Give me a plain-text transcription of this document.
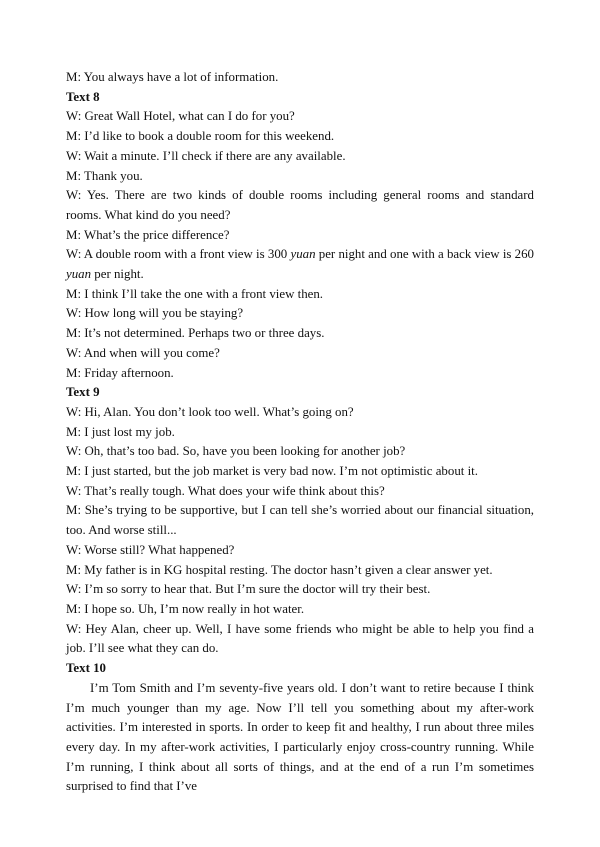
M: You always have a lot of information.

Text 8

W: Great Wall Hotel, what can I do for you?

M: I’d like to book a double room for this weekend.

W: Wait a minute. I’ll check if there are any available.

M: Thank you.

W: Yes. There are two kinds of double rooms including general rooms and standard rooms. What kind do you need?

M: What’s the price difference?

W: A double room with a front view is 300 yuan per night and one with a back view is 260 yuan per night.

M: I think I’ll take the one with a front view then.

W: How long will you be staying?

M: It’s not determined. Perhaps two or three days.

W: And when will you come?

M: Friday afternoon.

Text 9

W: Hi, Alan. You don’t look too well. What’s going on?

M: I just lost my job.

W: Oh, that’s too bad. So, have you been looking for another job?

M: I just started, but the job market is very bad now. I’m not optimistic about it.

W: That’s really tough. What does your wife think about this?

M: She’s trying to be supportive, but I can tell she’s worried about our financial situation, too. And worse still...

W: Worse still? What happened?

M: My father is in KG hospital resting. The doctor hasn’t given a clear answer yet.

W: I’m so sorry to hear that. But I’m sure the doctor will try their best.

M: I hope so. Uh, I’m now really in hot water.

W: Hey Alan, cheer up. Well, I have some friends who might be able to help you find a job. I’ll see what they can do.

Text 10

I’m Tom Smith and I’m seventy-five years old. I don’t want to retire because I think I’m much younger than my age. Now I’ll tell you something about my after-work activities. I’m interested in sports. In order to keep fit and healthy, I run about three miles every day. In my after-work activities, I particularly enjoy cross-country running. While I’m running, I think about all sorts of things, and at the end of a run I’m sometimes surprised to find that I’ve
